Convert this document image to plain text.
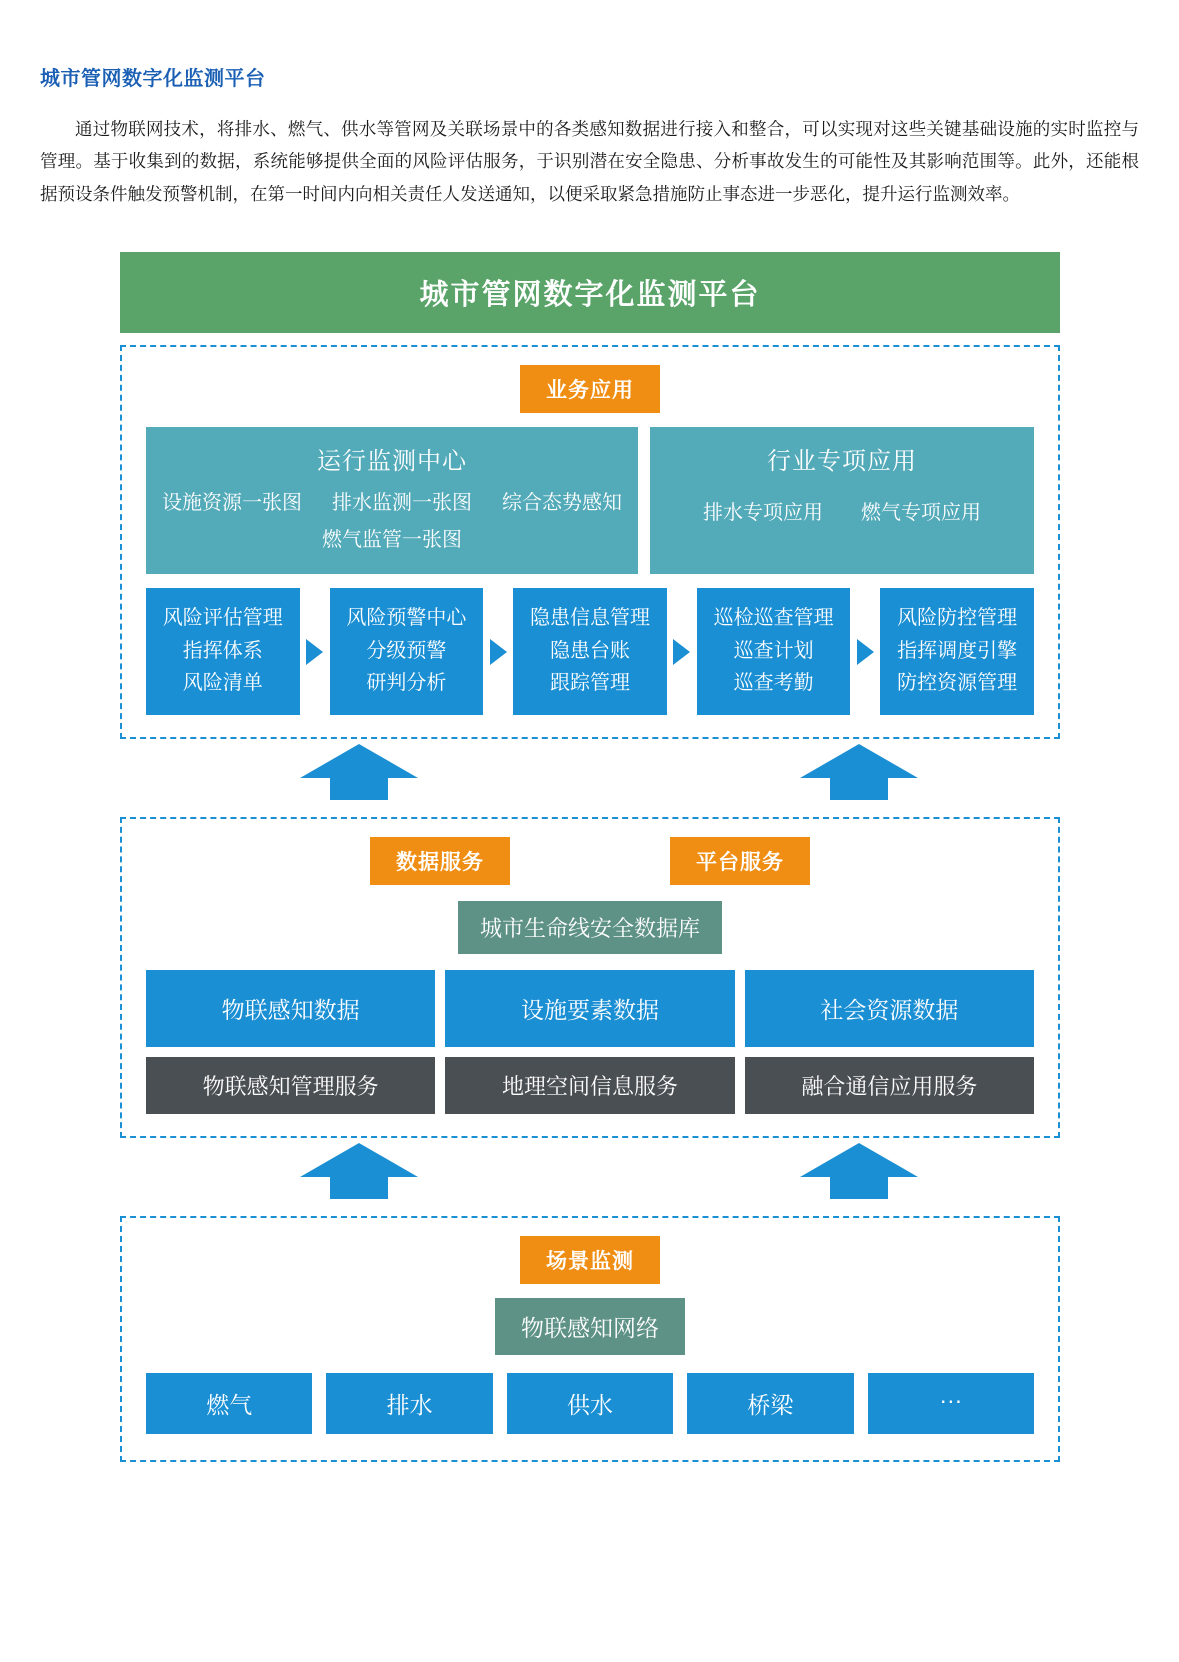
城市管网数字化监测平台

通过物联网技术，将排水、燃气、供水等管网及关联场景中的各类感知数据进行接入和整合，可以实现对这些关键基础设施的实时监控与管理。基于收集到的数据，系统能够提供全面的风险评估服务，于识别潜在安全隐患、分析事故发生的可能性及其影响范围等。此外，还能根据预设条件触发预警机制，在第一时间内向相关责任人发送通知，以便采取紧急措施防止事态进一步恶化，提升运行监测效率。

城市管网数字化监测平台
业务应用
运行监测中心
设施资源一张图 排水监测一张图 综合态势感知
燃气监管一张图
行业专项应用
排水专项应用 燃气专项应用
风险评估管理
指挥体系
风险清单
风险预警中心
分级预警
研判分析
隐患信息管理
隐患台账
跟踪管理
巡检巡查管理
巡查计划
巡查考勤
风险防控管理
指挥调度引擎
防控资源管理
数据服务	平台服务
城市生命线安全数据库
物联感知数据	设施要素数据	社会资源数据
物联感知管理服务	地理空间信息服务	融合通信应用服务
场景监测
物联感知网络
燃气	排水	供水	桥梁	···
